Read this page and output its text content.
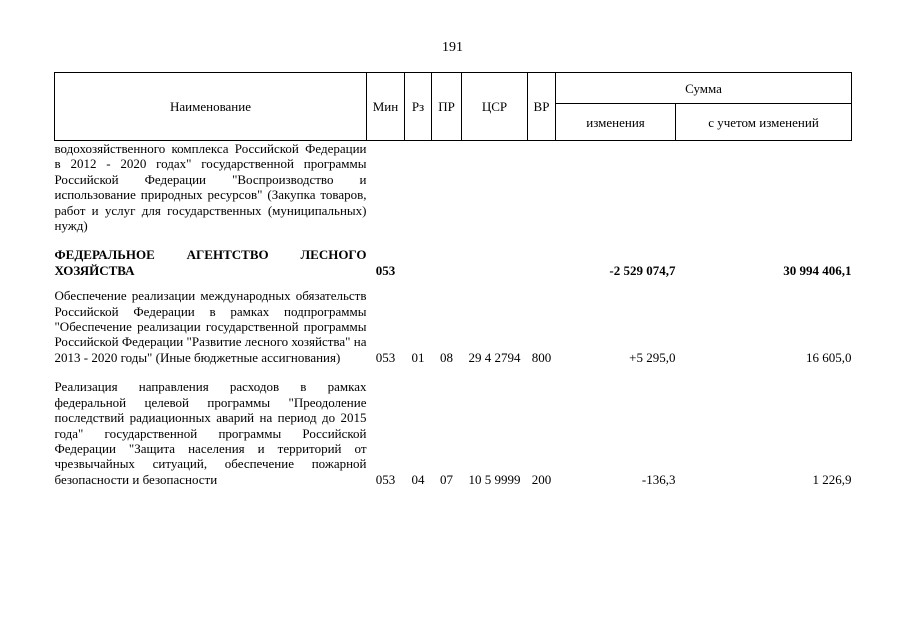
191
Наименование	Мин	Рз	ПР	ЦСР	ВР	Сумма	
						изменения	с учетом изменений
водохозяйственного комплекса Российской Федерации в 2012 - 2020 годах" государственной программы Российской Федерации "Воспроизводство и использование природных ресурсов" (Закупка товаров, работ и услуг для государственных (муниципальных) нужд)							

ФЕДЕРАЛЬНОЕ АГЕНТСТВО ЛЕСНОГО ХОЗЯЙСТВА	053					-2 529 074,7	30 994 406,1

Обеспечение реализации международных обязательств Российской Федерации в рамках подпрограммы "Обеспечение реализации государственной программы Российской Федерации "Развитие лесного хозяйства" на 2013 - 2020 годы" (Иные бюджетные ассигнования)	053	01	08	29 4 2794	800	+5 295,0	16 605,0

Реализация направления расходов в рамках федеральной целевой программы "Преодоление последствий радиационных аварий на период до 2015 года" государственной программы Российской Федерации "Защита населения и территорий от чрезвычайных ситуаций, обеспечение пожарной безопасности и безопасности	053	04	07	10 5 9999	200	-136,3	1 226,9
